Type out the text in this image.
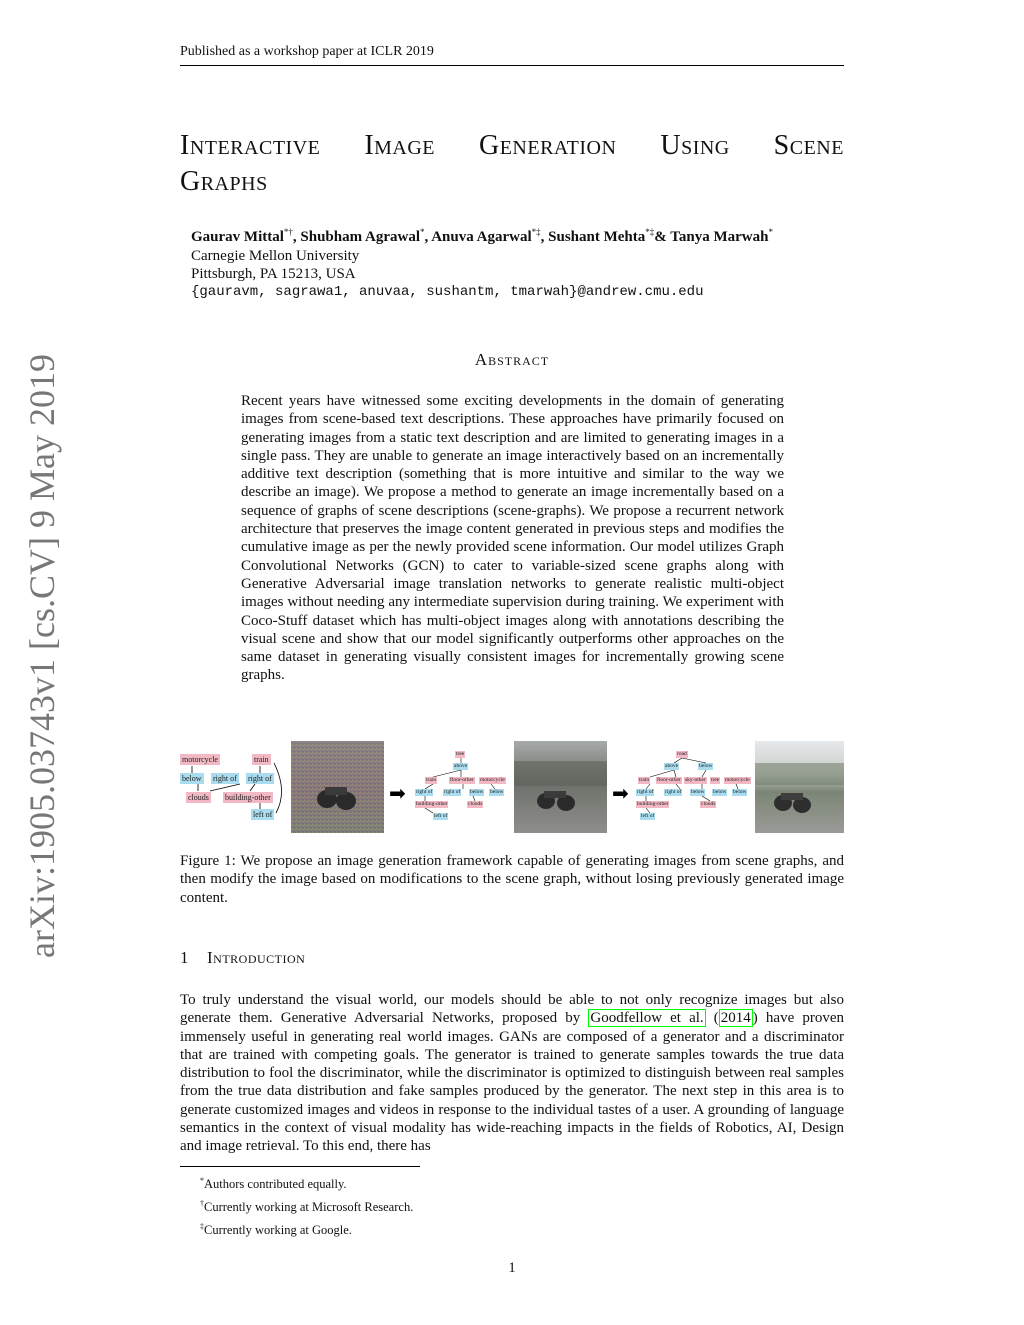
Published as a workshop paper at ICLR 2019
arXiv:1905.03743v1 [cs.CV] 9 May 2019
Interactive Image Generation Using Scene
Graphs
Gaurav Mittal*†, Shubham Agrawal*, Anuva Agarwal*‡, Sushant Mehta*‡& Tanya Marwah*
Carnegie Mellon University
Pittsburgh, PA 15213, USA
{gauravm, sagrawa1, anuvaa, sushantm, tmarwah}@andrew.cmu.edu
Abstract
Recent years have witnessed some exciting developments in the domain of generating images from scene-based text descriptions. These approaches have primarily focused on generating images from a static text description and are limited to generating images in a single pass. They are unable to generate an image interactively based on an incrementally additive text description (something that is more intuitive and similar to the way we describe an image). We propose a method to generate an image incrementally based on a sequence of graphs of scene descriptions (scene-graphs). We propose a recurrent network architecture that preserves the image content generated in previous steps and modifies the cumulative image as per the newly provided scene information. Our model utilizes Graph Convolutional Networks (GCN) to cater to variable-sized scene graphs along with Generative Adversarial image translation networks to generate realistic multi-object images without needing any intermediate supervision during training. We experiment with Coco-Stuff dataset which has multi-object images along with annotations describing the visual scene and show that our model significantly outperforms other approaches on the same dataset in generating visually consistent images for incrementally growing scene graphs.
motorcycle	train
below right of right of
clouds building-other
left of
➡
tree
above
train	floor-other motorcycle
right of right of below below
building-other	clouds
left of
➡
road
above	below
train floor-other sky-other tree motorcycle
right of right of below below below
building-other	clouds
left of
Figure 1: We propose an image generation framework capable of generating images from scene graphs, and then modify the image based on modifications to the scene graph, without losing previously generated image content.
1 Introduction
To truly understand the visual world, our models should be able to not only recognize images but also generate them. Generative Adversarial Networks, proposed by Goodfellow et al. ( 2014 ) have proven immensely useful in generating real world images. GANs are composed of a generator and a discriminator that are trained with competing goals. The generator is trained to generate samples towards the true data distribution to fool the discriminator, while the discriminator is optimized to distinguish between real samples from the true data distribution and fake samples produced by the generator. The next step in this area is to generate customized images and videos in response to the individual tastes of a user. A grounding of language semantics in the context of visual modality has wide-reaching impacts in the fields of Robotics, AI, Design and image retrieval. To this end, there has
*Authors contributed equally.
†Currently working at Microsoft Research.
‡Currently working at Google.
1
